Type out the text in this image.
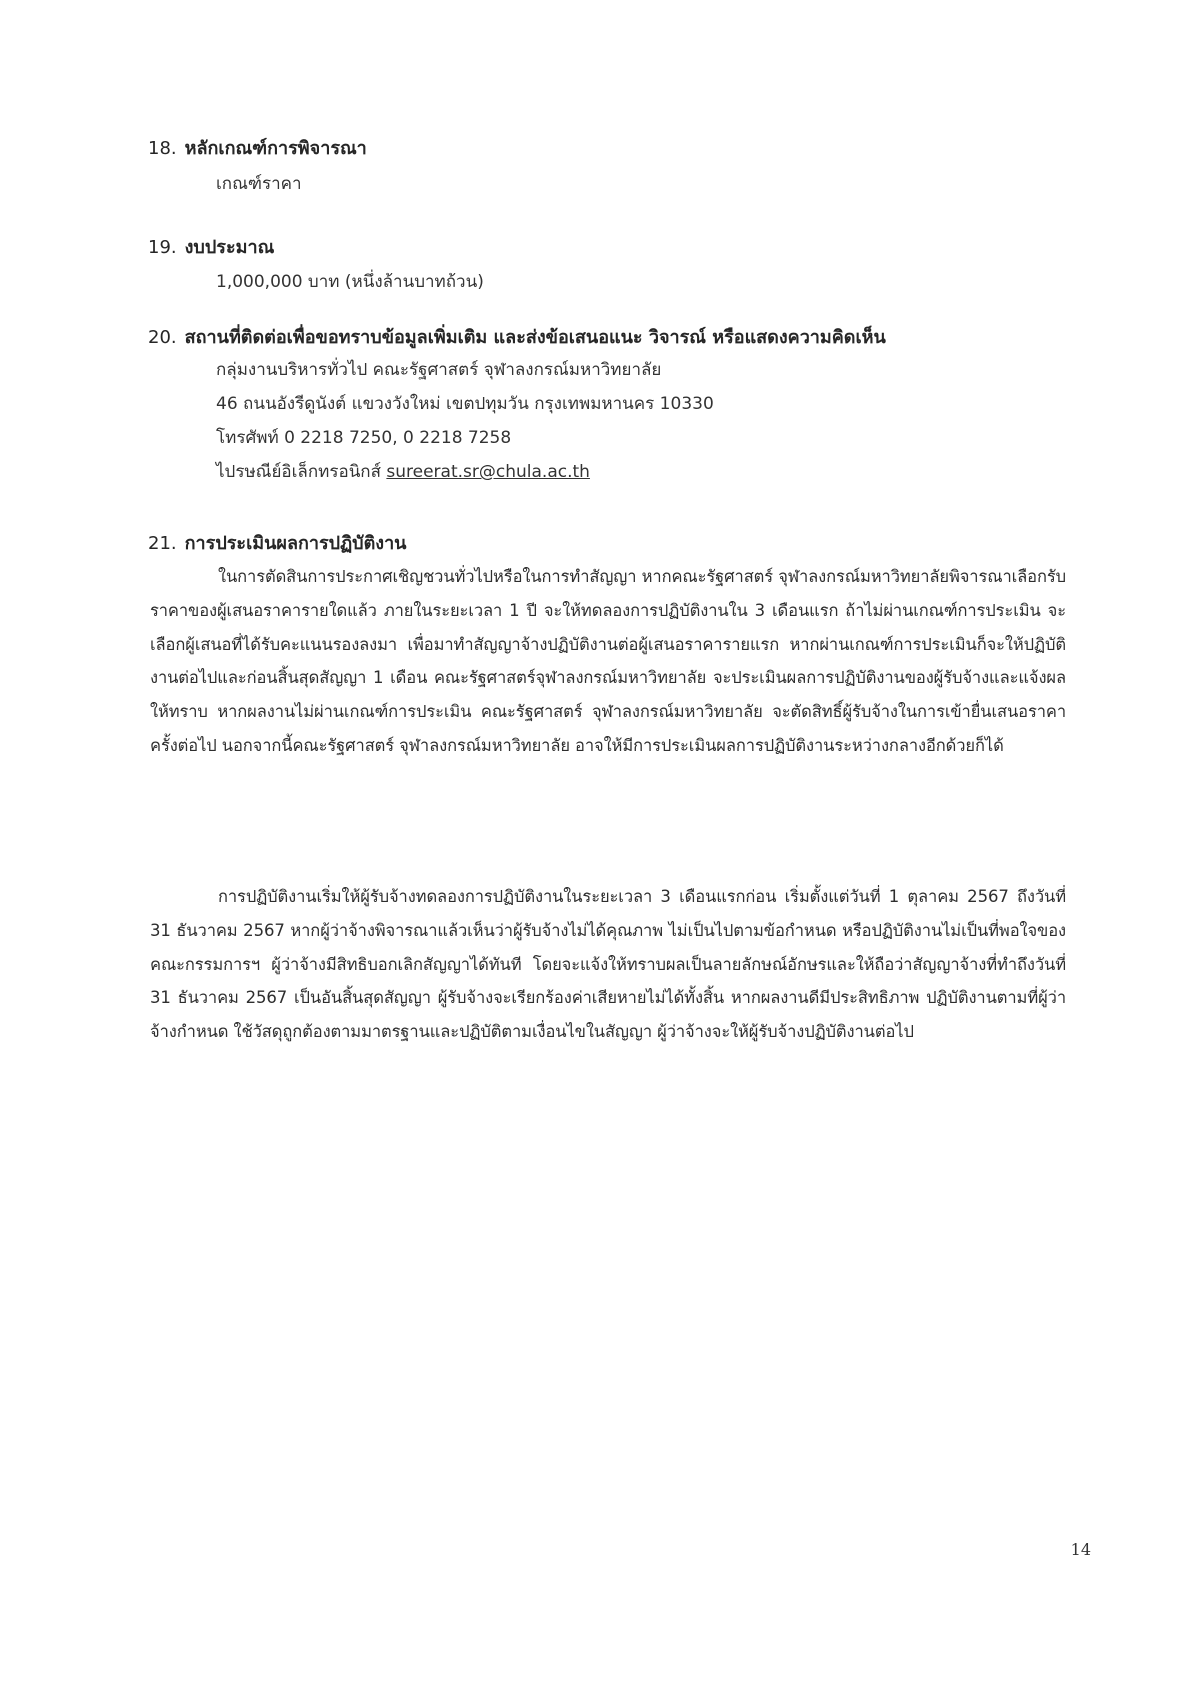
18. หลักเกณฑ์การพิจารณา
เกณฑ์ราคา
19. งบประมาณ
1,000,000 บาท (หนึ่งล้านบาทถ้วน)
20. สถานที่ติดต่อเพื่อขอทราบข้อมูลเพิ่มเติม และส่งข้อเสนอแนะ วิจารณ์ หรือแสดงความคิดเห็น
กลุ่มงานบริหารทั่วไป คณะรัฐศาสตร์ จุฬาลงกรณ์มหาวิทยาลัย
46 ถนนอังรีดูนังต์ แขวงวังใหม่ เขตปทุมวัน กรุงเทพมหานคร 10330
โทรศัพท์ 0 2218 7250, 0 2218 7258
ไปรษณีย์อิเล็กทรอนิกส์ sureerat.sr@chula.ac.th
21. การประเมินผลการปฏิบัติงาน

ในการตัดสินการประกาศเชิญชวนทั่วไปหรือในการทำสัญญา หากคณะรัฐศาสตร์ จุฬาลงกรณ์มหาวิทยาลัยพิจารณาเลือกรับราคาของผู้เสนอราคารายใดแล้ว ภายในระยะเวลา 1 ปี จะให้ทดลองการปฏิบัติงานใน 3 เดือนแรก ถ้าไม่ผ่านเกณฑ์การประเมิน จะเลือกผู้เสนอที่ได้รับคะแนนรองลงมา เพื่อมาทำสัญญาจ้างปฏิบัติงานต่อผู้เสนอราคารายแรก หากผ่านเกณฑ์การประเมินก็จะให้ปฏิบัติงานต่อไปและก่อนสิ้นสุดสัญญา 1 เดือน คณะรัฐศาสตร์จุฬาลงกรณ์มหาวิทยาลัย จะประเมินผลการปฏิบัติงานของผู้รับจ้างและแจ้งผลให้ทราบ หากผลงานไม่ผ่านเกณฑ์การประเมิน คณะรัฐศาสตร์ จุฬาลงกรณ์มหาวิทยาลัย จะตัดสิทธิ์ผู้รับจ้างในการเข้ายื่นเสนอราคาครั้งต่อไป นอกจากนี้คณะรัฐศาสตร์ จุฬาลงกรณ์มหาวิทยาลัย อาจให้มีการประเมินผลการปฏิบัติงานระหว่างกลางอีกด้วยก็ได้

การปฏิบัติงานเริ่มให้ผู้รับจ้างทดลองการปฏิบัติงานในระยะเวลา 3 เดือนแรกก่อน เริ่มตั้งแต่วันที่ 1 ตุลาคม 2567 ถึงวันที่ 31 ธันวาคม 2567 หากผู้ว่าจ้างพิจารณาแล้วเห็นว่าผู้รับจ้างไม่ได้คุณภาพ ไม่เป็นไปตามข้อกำหนด หรือปฏิบัติงานไม่เป็นที่พอใจของคณะกรรมการฯ ผู้ว่าจ้างมีสิทธิบอกเลิกสัญญาได้ทันที โดยจะแจ้งให้ทราบผลเป็นลายลักษณ์อักษรและให้ถือว่าสัญญาจ้างที่ทำถึงวันที่ 31 ธันวาคม 2567 เป็นอันสิ้นสุดสัญญา ผู้รับจ้างจะเรียกร้องค่าเสียหายไม่ได้ทั้งสิ้น หากผลงานดีมีประสิทธิภาพ ปฏิบัติงานตามที่ผู้ว่าจ้างกำหนด ใช้วัสดุถูกต้องตามมาตรฐานและปฏิบัติตามเงื่อนไขในสัญญา ผู้ว่าจ้างจะให้ผู้รับจ้างปฏิบัติงานต่อไป

14
